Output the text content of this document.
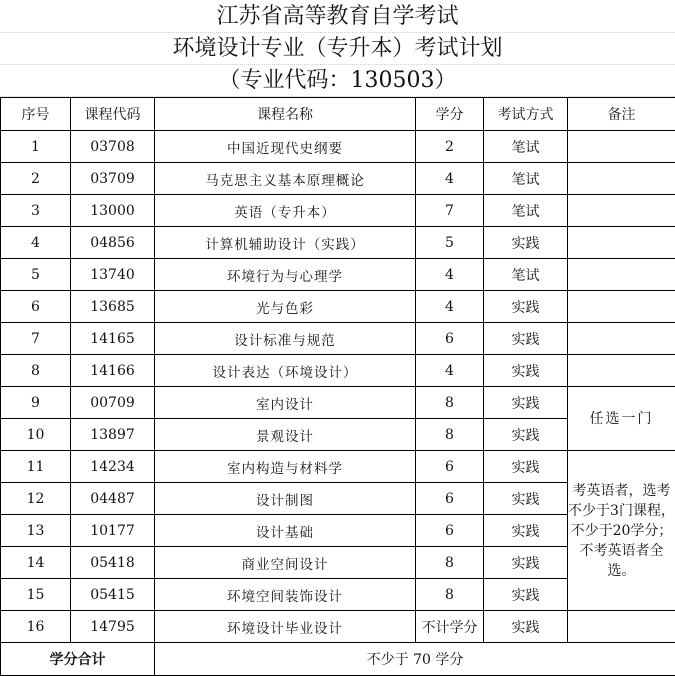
江苏省高等教育自学考试
环境设计专业（专升本）考试计划
（专业代码：130503）
序号	课程代码	课程名称	学分	考试方式	备注
1	03708	中国近现代史纲要	2	笔试	
2	03709	马克思主义基本原理概论	4	笔试	
3	13000	英语（专升本）	7	笔试	
4	04856	计算机辅助设计（实践）	5	实践	
5	13740	环境行为与心理学	4	笔试	
6	13685	光与色彩	4	实践	
7	14165	设计标准与规范	6	实践	
8	14166	设计表达（环境设计）	4	实践	
9	00709	室内设计	8	实践	任选一门
10	13897	景观设计	8	实践	
11	14234	室内构造与材料学	6	实践	考英语者，选考不少于3门课程，不少于20学分；不考英语者全选。
12	04487	设计制图	6	实践	
13	10177	设计基础	6	实践	
14	05418	商业空间设计	8	实践	
15	05415	环境空间装饰设计	8	实践	
16	14795	环境设计毕业设计	不计学分	实践	
学分合计		不少于 70 学分			
